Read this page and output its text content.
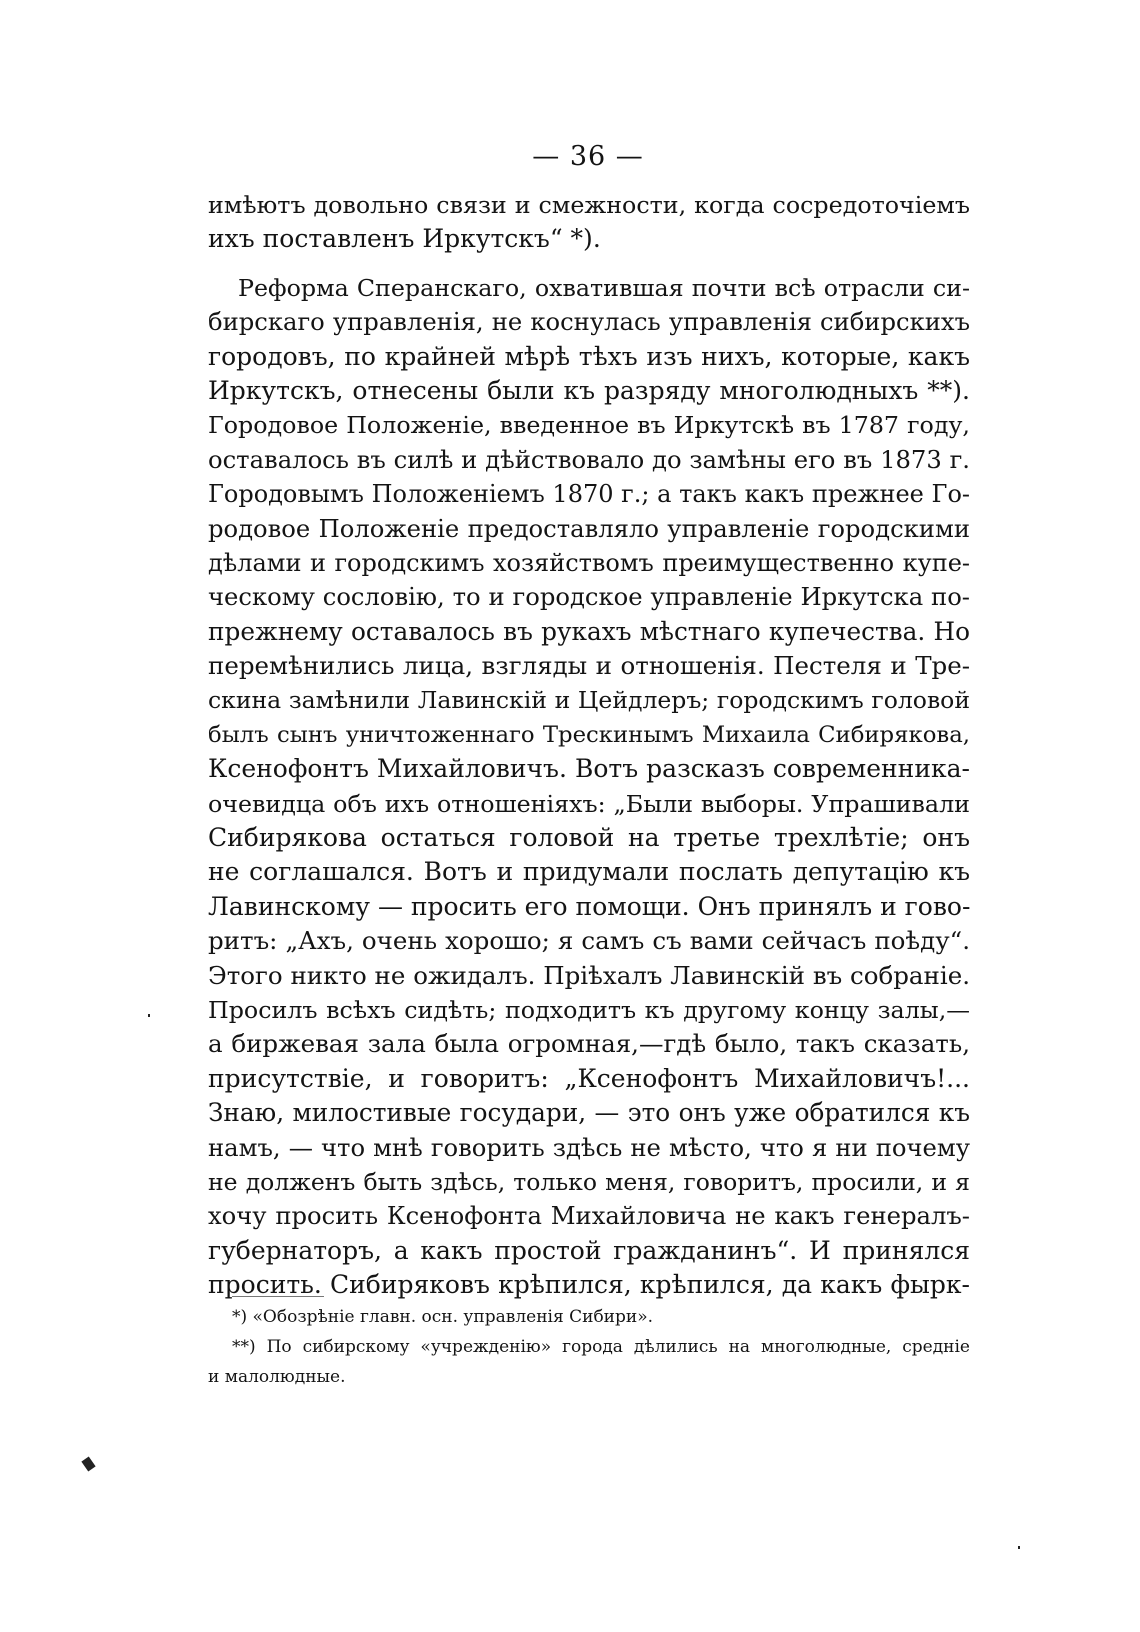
— 36 —
имѣютъ довольно связи и смежности, когда сосредоточіемъ
ихъ поставленъ Иркутскъ“ *).
Реформа Сперанскаго, охватившая почти всѣ отрасли си-
бирскаго управленія, не коснулась управленія сибирскихъ
городовъ, по крайней мѣрѣ тѣхъ изъ нихъ, которые, какъ
Иркутскъ, отнесены были къ разряду многолюдныхъ **).
Городовое Положеніе, введенное въ Иркутскѣ въ 1787 году,
оставалось въ силѣ и дѣйствовало до замѣны его въ 1873 г.
Городовымъ Положеніемъ 1870 г.; а такъ какъ прежнее Го-
родовое Положеніе предоставляло управленіе городскими
дѣлами и городскимъ хозяйствомъ преимущественно купе-
ческому сословію, то и городское управленіе Иркутска по-
прежнему оставалось въ рукахъ мѣстнаго купечества. Но
перемѣнились лица, взгляды и отношенія. Пестеля и Тре-
скина замѣнили Лавинскій и Цейдлеръ; городскимъ головой
былъ сынъ уничтоженнаго Трескинымъ Михаила Сибирякова,
Ксенофонтъ Михайловичъ. Вотъ разсказъ современника-
очевидца объ ихъ отношеніяхъ: „Были выборы. Упрашивали
Сибирякова остаться головой на третье трехлѣтіе; онъ
не соглашался. Вотъ и придумали послать депутацію къ
Лавинскому — просить его помощи. Онъ принялъ и гово-
ритъ: „Ахъ, очень хорошо; я самъ съ вами сейчасъ поѣду“.
Этого никто не ожидалъ. Пріѣхалъ Лавинскій въ собраніе.
Просилъ всѣхъ сидѣть; подходитъ къ другому концу залы,—
а биржевая зала была огромная,—гдѣ было, такъ сказать,
присутствіе, и говоритъ: „Ксенофонтъ Михайловичъ!...
Знаю, милостивые государи, — это онъ уже обратился къ
намъ, — что мнѣ говорить здѣсь не мѣсто, что я ни почему
не долженъ быть здѣсь, только меня, говоритъ, просили, и я
хочу просить Ксенофонта Михайловича не какъ генералъ-
губернаторъ, а какъ простой гражданинъ“. И принялся
просить. Сибиряковъ крѣпился, крѣпился, да какъ фырк-
*) «Обозрѣніе главн. осн. управленія Сибири».
**) По сибирскому «учрежденію» города дѣлились на многолюдные, средніе
и малолюдные.
